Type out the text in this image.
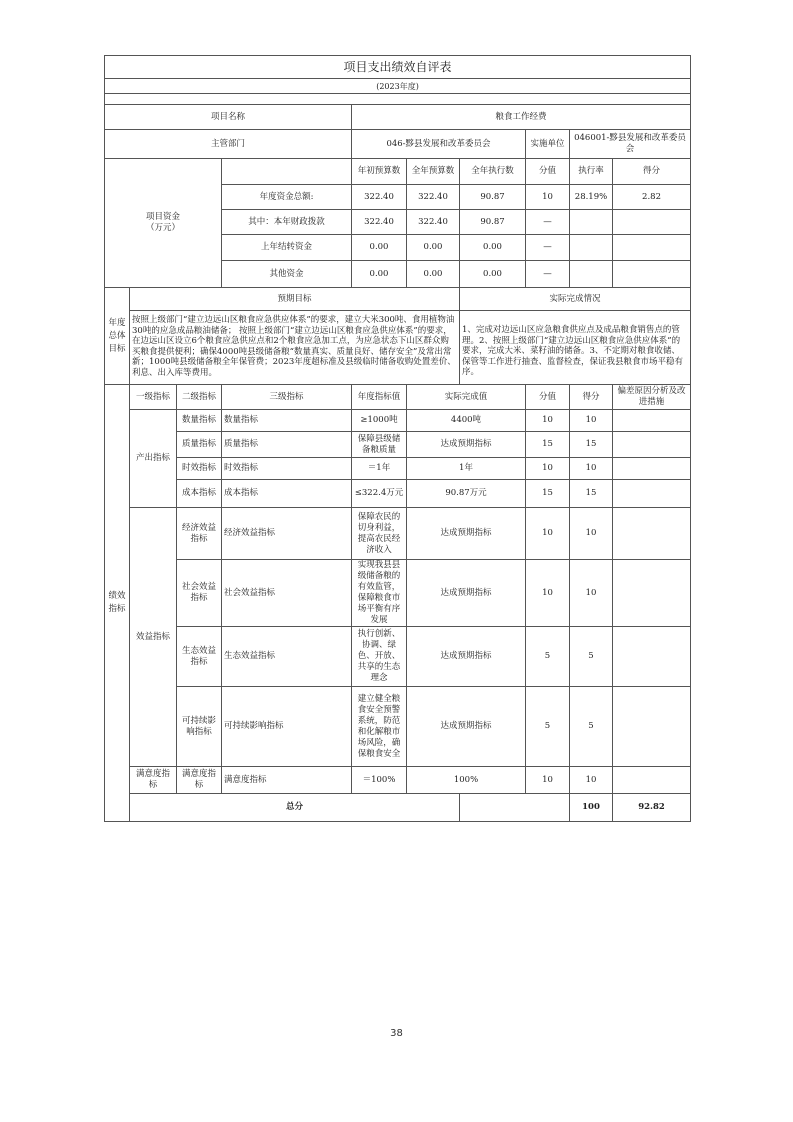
项目支出绩效自评表										
(2023年度)										

项目名称				粮食工作经费						
主管部门				046-黟县发展和改革委员会			实施单位	046001-黟县发展和改革委员会		
项目资金
（万元）				年初预算数	全年预算数	全年执行数	分值	执行率	得分	
			年度资金总额:	322.40	322.40	90.87	10	28.19%	2.82	
			其中：本年财政拨款	322.40	322.40	90.87	—			
			上年结转资金	0.00	0.00	0.00	—			
			其他资金	0.00	0.00	0.00	—			
年度总体目标	预期目标					实际完成情况				
	按照上级部门“建立边远山区粮食应急供应体系”的要求，建立大米300吨、食用植物油30吨的应急成品粮油储备； 按照上级部门“建立边远山区粮食应急供应体系”的要求，在边远山区设立6个粮食应急供应点和2个粮食应急加工点，为应急状态下山区群众购买粮食提供便利；确保4000吨县级储备粮“数量真实、质量良好、储存安全”及常出常新；1000吨县级储备粮全年保管费；2023年度超标准及县级临时储备收购处置差价、利息、出入库等费用。					1、完成对边远山区应急粮食供应点及成品粮食销售点的管理。2、按照上级部门“建立边远山区粮食应急供应体系”的要求，完成大米、菜籽油的储备。3、不定期对粮食收储、保管等工作进行抽查、监督检查，保证我县粮食市场平稳有序。				
绩效指标	一级指标	二级指标	三级指标	年度指标值	实际完成值		分值	得分	偏差原因分析及改进措施	
	产出指标	数量指标	数量指标	≥1000吨	4400吨		10	10		
		质量指标	质量指标	保障县级储备粮质量	达成预期指标		15	15		
		时效指标	时效指标	＝1年	1年		10	10		
		成本指标	成本指标	≤322.4万元	90.87万元		15	15		
	效益指标	经济效益指标	经济效益指标	保障农民的切身利益，提高农民经济收入	达成预期指标		10	10		
		社会效益指标	社会效益指标	实现我县县级储备粮的有效监管，保障粮食市场平衡有序发展	达成预期指标		10	10		
		生态效益指标	生态效益指标	执行创新、协调、绿色、开放、共享的生态理念	达成预期指标		5	5		
		可持续影响指标	可持续影响指标	建立健全粮食安全预警系统，防范和化解粮市场风险，确保粮食安全	达成预期指标		5	5		
	满意度指标	满意度指标	满意度指标	＝100%	100%		10	10		
	总分							100	92.82	
38
